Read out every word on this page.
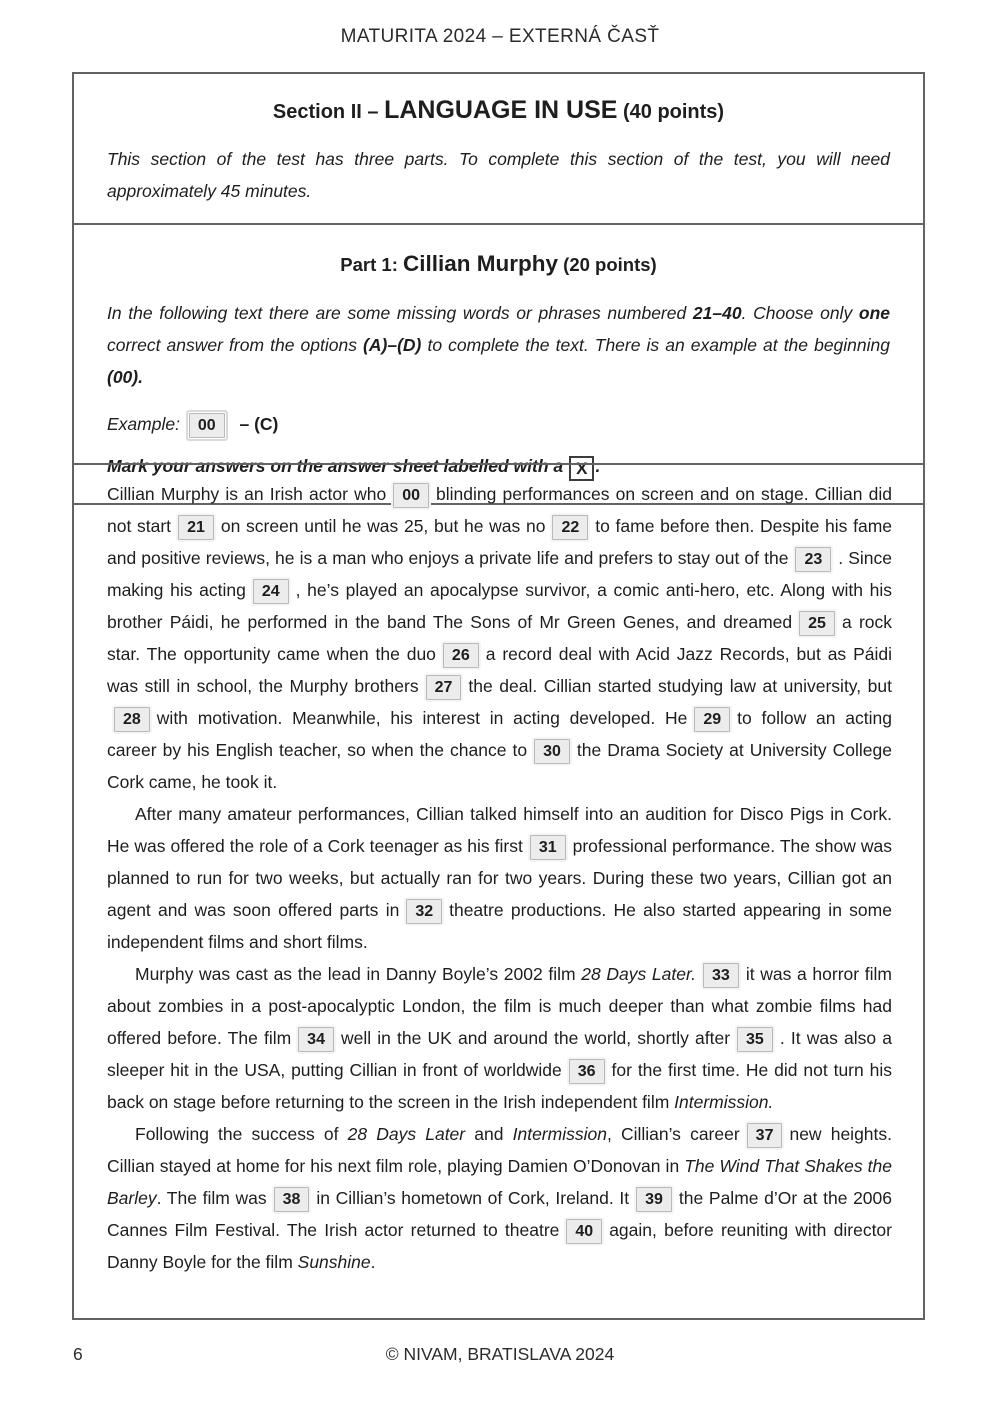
MATURITA 2024 – EXTERNÁ ČASŤ
Section II – LANGUAGE IN USE (40 points)
This section of the test has three parts. To complete this section of the test, you will need approximately 45 minutes.
Part 1: Cillian Murphy (20 points)
In the following text there are some missing words or phrases numbered 21–40. Choose only one correct answer from the options (A)–(D) to complete the text. There is an example at the beginning (00).
Example: 00 – (C)
Mark your answers on the answer sheet labelled with a X .

Cillian Murphy is an Irish actor who 00 blinding performances on screen and on stage. Cillian did not start 21 on screen until he was 25, but he was no 22 to fame before then. Despite his fame and positive reviews, he is a man who enjoys a private life and prefers to stay out of the 23 . Since making his acting 24 , he’s played an apocalypse survivor, a comic anti-hero, etc. Along with his brother Páidi, he performed in the band The Sons of Mr Green Genes, and dreamed 25 a rock star. The opportunity came when the duo 26 a record deal with Acid Jazz Records, but as Páidi was still in school, the Murphy brothers 27 the deal. Cillian started studying law at university, but28 with motivation. Meanwhile, his interest in acting developed. He 29 to follow an acting career by his English teacher, so when the chance to 30 the Drama Society at University College Cork came, he took it.

After many amateur performances, Cillian talked himself into an audition for Disco Pigs in Cork. He was offered the role of a Cork teenager as his first 31 professional performance. The show was planned to run for two weeks, but actually ran for two years. During these two years, Cillian got an agent and was soon offered parts in 32 theatre productions. He also started appearing in some independent films and short films.

Murphy was cast as the lead in Danny Boyle’s 2002 film 28 Days Later. 33 it was a horror film about zombies in a post-apocalyptic London, the film is much deeper than what zombie films had offered before. The film 34 well in the UK and around the world, shortly after 35 . It was also a sleeper hit in the USA, putting Cillian in front of worldwide 36 for the first time. He did not turn his back on stage before returning to the screen in the Irish independent film Intermission.

Following the success of 28 Days Later and Intermission, Cillian’s career 37 new heights. Cillian stayed at home for his next film role, playing Damien O’Donovan in The Wind That Shakes the Barley. The film was 38 in Cillian’s hometown of Cork, Ireland. It 39 the Palme d’Or at the 2006 Cannes Film Festival. The Irish actor returned to theatre 40 again, before reuniting with director Danny Boyle for the film Sunshine.

6	© NIVAM, BRATISLAVA 2024
